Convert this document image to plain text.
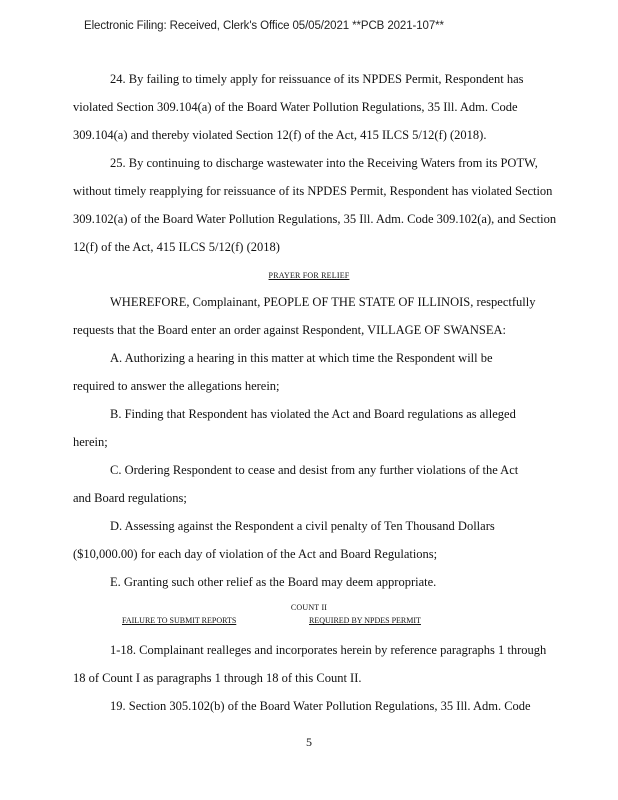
Electronic Filing: Received, Clerk's Office 05/05/2021 **PCB 2021-107**
24. By failing to timely apply for reissuance of its NPDES Permit, Respondent has
violated Section 309.104(a) of the Board Water Pollution Regulations, 35 Ill. Adm. Code
309.104(a) and thereby violated Section 12(f) of the Act, 415 ILCS 5/12(f) (2018).
25. By continuing to discharge wastewater into the Receiving Waters from its POTW,
without timely reapplying for reissuance of its NPDES Permit, Respondent has violated Section
309.102(a) of the Board Water Pollution Regulations, 35 Ill. Adm. Code 309.102(a), and Section
12(f) of the Act, 415 ILCS 5/12(f) (2018)
PRAYER FOR RELIEF
WHEREFORE, Complainant, PEOPLE OF THE STATE OF ILLINOIS, respectfully
requests that the Board enter an order against Respondent, VILLAGE OF SWANSEA:
A. Authorizing a hearing in this matter at which time the Respondent will be
required to answer the allegations herein;
B. Finding that Respondent has violated the Act and Board regulations as alleged
herein;
C. Ordering Respondent to cease and desist from any further violations of the Act
and Board regulations;
D. Assessing against the Respondent a civil penalty of Ten Thousand Dollars
($10,000.00) for each day of violation of the Act and Board Regulations;
E. Granting such other relief as the Board may deem appropriate.
COUNT II
FAILURE TO SUBMIT REPORTS	REQUIRED BY NPDES PERMIT
1-18. Complainant realleges and incorporates herein by reference paragraphs 1 through
18 of Count I as paragraphs 1 through 18 of this Count II.
19. Section 305.102(b) of the Board Water Pollution Regulations, 35 Ill. Adm. Code
5
